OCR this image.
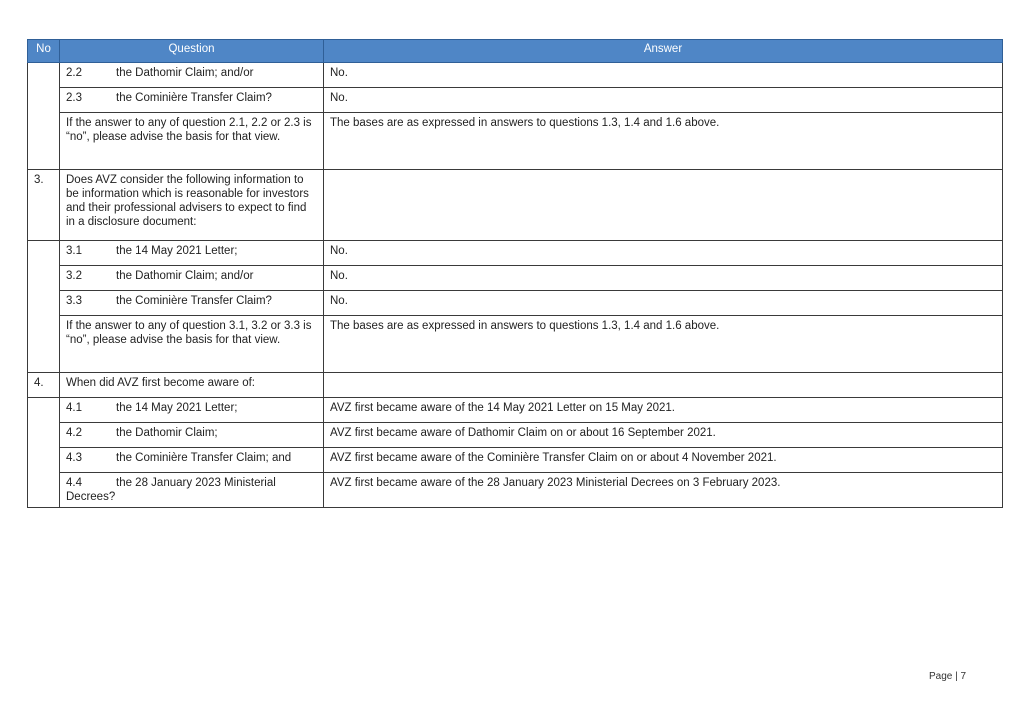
No	Question	Answer
	2.2 the Dathomir Claim; and/or	No.
	2.3 the Cominière Transfer Claim?	No.
	If the answer to any of question 2.1, 2.2 or 2.3 is “no”, please advise the basis for that view.	The bases are as expressed in answers to questions 1.3, 1.4 and 1.6 above.
3.	Does AVZ consider the following information to be information which is reasonable for investors and their professional advisers to expect to find in a disclosure document:	
	3.1 the 14 May 2021 Letter;	No.
	3.2 the Dathomir Claim; and/or	No.
	3.3 the Cominière Transfer Claim?	No.
	If the answer to any of question 3.1, 3.2 or 3.3 is “no”, please advise the basis for that view.	The bases are as expressed in answers to questions 1.3, 1.4 and 1.6 above.
4.	When did AVZ first become aware of:	
	4.1 the 14 May 2021 Letter;	AVZ first became aware of the 14 May 2021 Letter on 15 May 2021.
	4.2 the Dathomir Claim;	AVZ first became aware of Dathomir Claim on or about 16 September 2021.
	4.3 the Cominière Transfer Claim; and	AVZ first became aware of the Cominière Transfer Claim on or about 4 November 2021.
	4.4 the 28 January 2023 Ministerial Decrees?	AVZ first became aware of the 28 January 2023 Ministerial Decrees on 3 February 2023.
Page | 7
